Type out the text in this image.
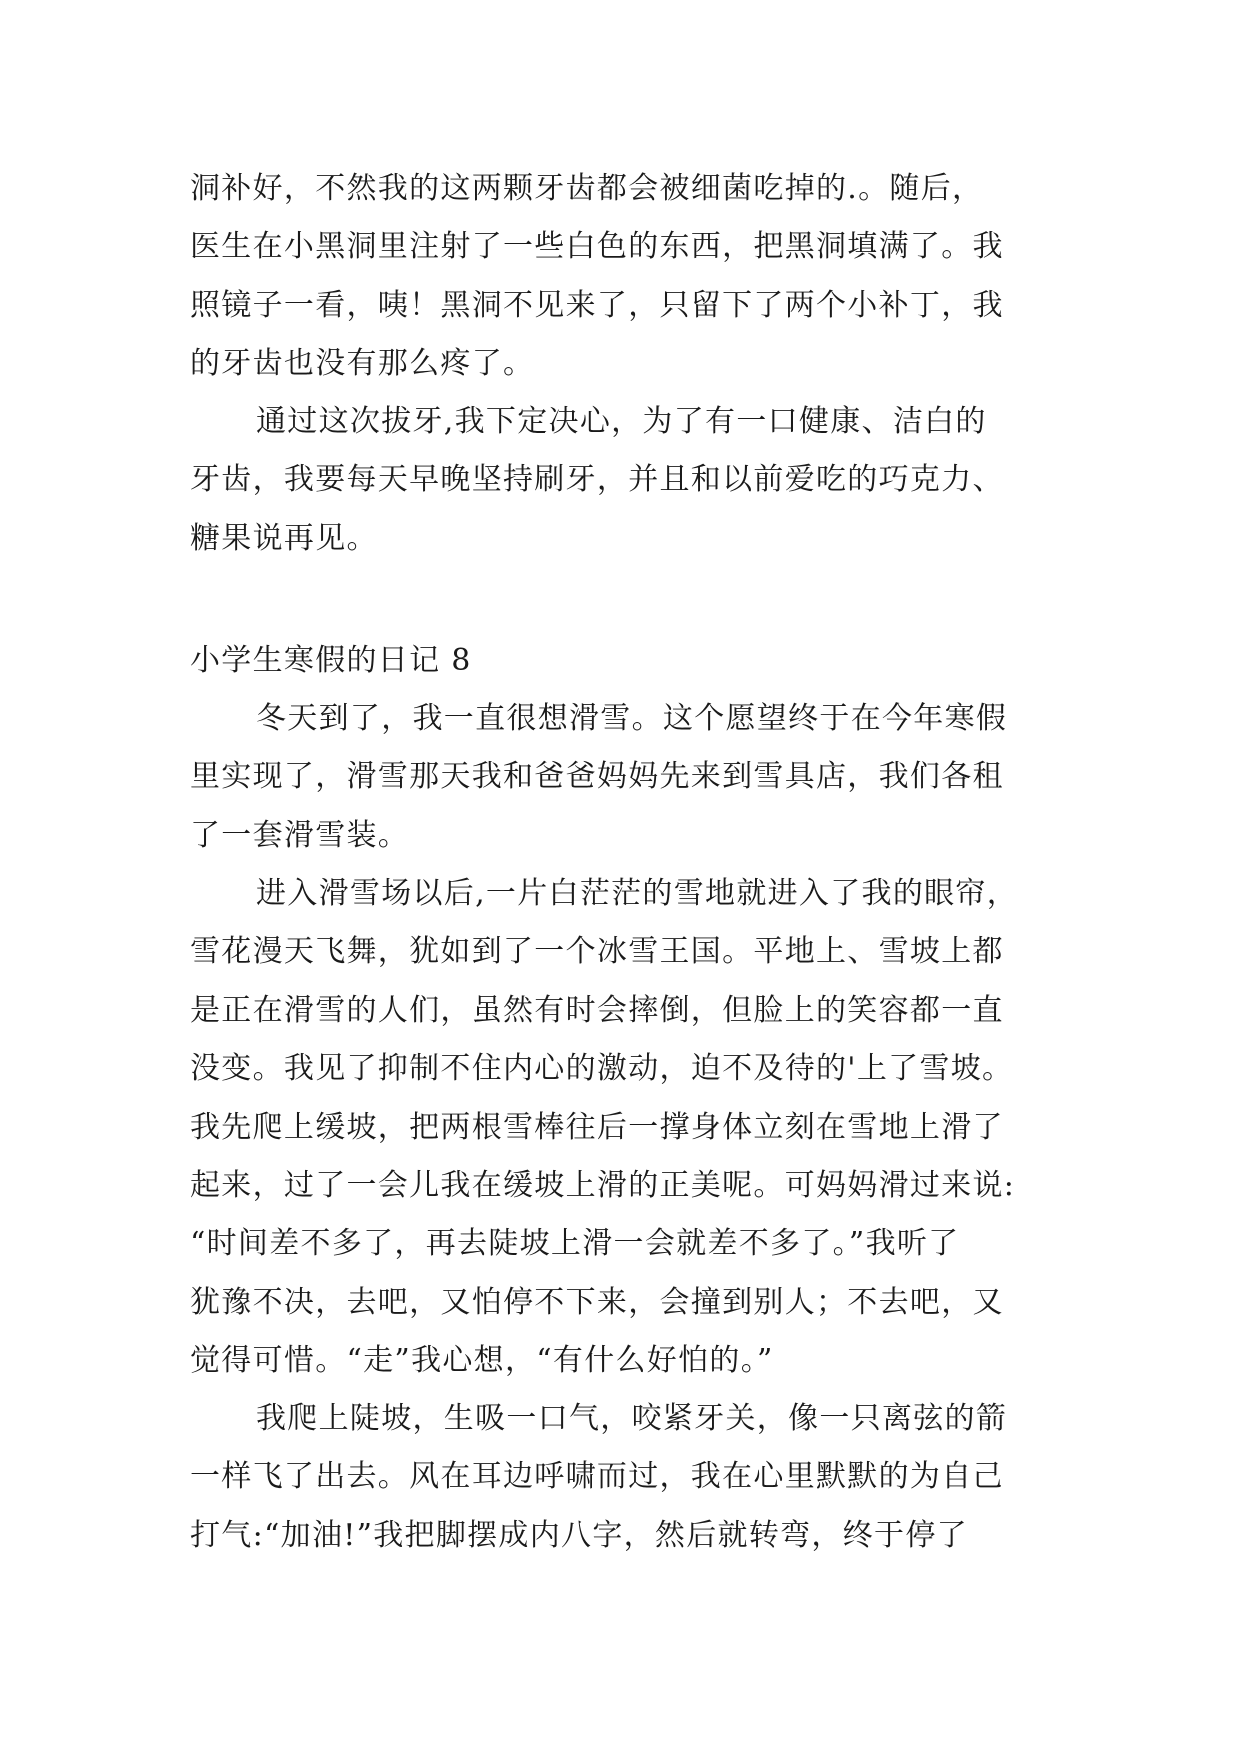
洞补好，不然我的这两颗牙齿都会被细菌吃掉的.。随后，
医生在小黑洞里注射了一些白色的东西，把黑洞填满了。我
照镜子一看，咦！黑洞不见来了，只留下了两个小补丁，我
的牙齿也没有那么疼了。
通过这次拔牙,我下定决心，为了有一口健康、洁白的
牙齿，我要每天早晚坚持刷牙，并且和以前爱吃的巧克力、
糖果说再见。
小学生寒假的日记 8
冬天到了，我一直很想滑雪。这个愿望终于在今年寒假
里实现了，滑雪那天我和爸爸妈妈先来到雪具店，我们各租
了一套滑雪装。
进入滑雪场以后,一片白茫茫的雪地就进入了我的眼帘，
雪花漫天飞舞，犹如到了一个冰雪王国。平地上、雪坡上都
是正在滑雪的人们，虽然有时会摔倒，但脸上的笑容都一直
没变。我见了抑制不住内心的激动，迫不及待的'上了雪坡。
我先爬上缓坡，把两根雪棒往后一撑身体立刻在雪地上滑了
起来，过了一会儿我在缓坡上滑的正美呢。可妈妈滑过来说:
“时间差不多了，再去陡坡上滑一会就差不多了。”我听了
犹豫不决，去吧，又怕停不下来，会撞到别人；不去吧，又
觉得可惜。“走”我心想，“有什么好怕的。”
我爬上陡坡，生吸一口气，咬紧牙关，像一只离弦的箭
一样飞了出去。风在耳边呼啸而过，我在心里默默的为自己
打气:“加油!”我把脚摆成内八字，然后就转弯，终于停了
